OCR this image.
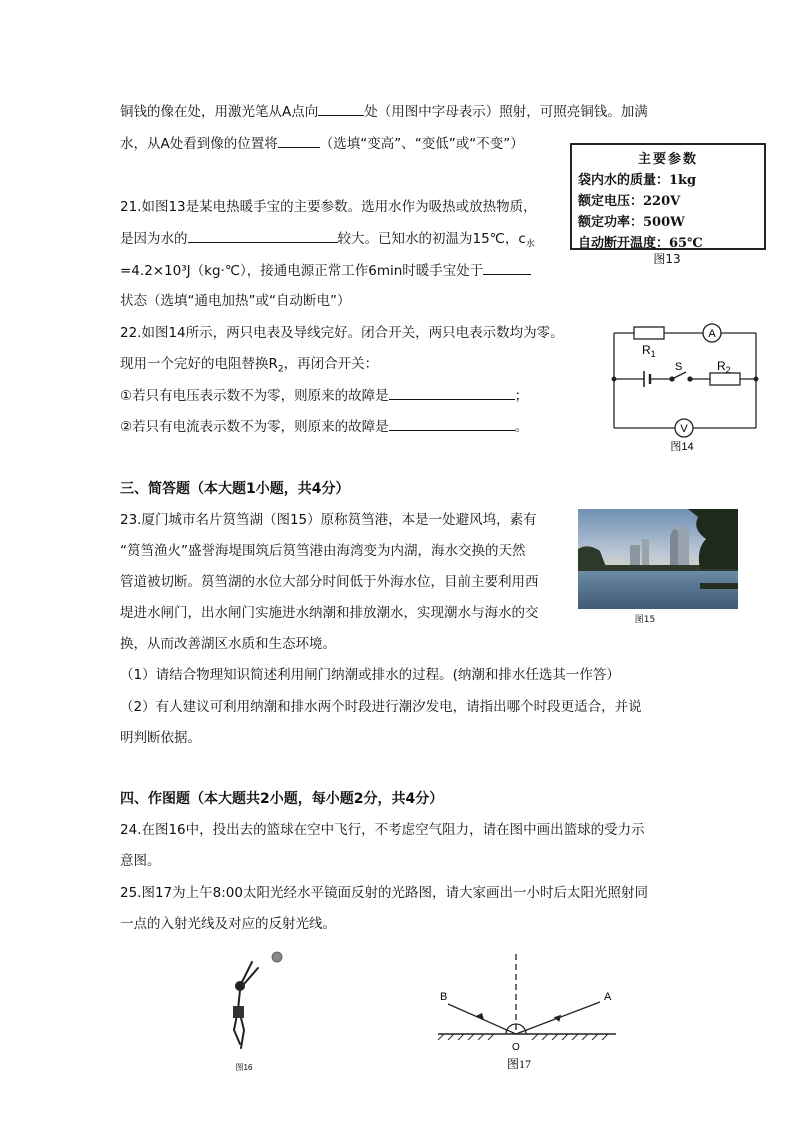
铜钱的像在处，用激光笔从A点向	处（用图中字母表示）照射，可照亮铜钱。加满
水，从A处看到像的位置将	（选填“变高”、“变低”或“不变”）
主要参数
袋内水的质量：1kg
额定电压：220V
额定功率：500W
自动断开温度：65℃
图13
21.如图13是某电热暖手宝的主要参数。选用水作为吸热或放热物质，
是因为水的	较大。已知水的初温为15℃，$c_水$
=4.2×10³J（kg·℃），接通电源正常工作6min时暖手宝处于
状态（选填“通电加热”或“自动断电”）
22.如图14所示，两只电表及导线完好。闭合开关，两只电表示数均为零。
现用一个完好的电阻替换$R_2$，再闭合开关：
①若只有电压表示数不为零，则原来的故障是	；
②若只有电流表示数不为零，则原来的故障是	。
$R_1$
$R_2$
S
A
V
图14
三、简答题（本大题1小题，共4分）
23.厦门城市名片筼筜湖（图15）原称筼筜港，本是一处避风坞，素有
“筼筜渔火”盛誉海堤围筑后筼筜港由海湾变为内湖，海水交换的天然
管道被切断。筼筜湖的水位大部分时间低于外海水位，目前主要利用西
堤进水闸门，出水闸门实施进水纳潮和排放潮水，实现潮水与海水的交
换，从而改善湖区水质和生态环境。
（1）请结合物理知识简述利用闸门纳潮或排水的过程。(纳潮和排水任选其一作答）
（2）有人建议可利用纳潮和排水两个时段进行潮汐发电，请指出哪个时段更适合，并说
明判断依据。
图15
四、作图题（本大题共2小题，每小题2分，共4分）
24.在图16中，投出去的篮球在空中飞行，不考虑空气阻力，请在图中画出篮球的受力示
意图。
25.图17为上午8:00太阳光经水平镜面反射的光路图，请大家画出一小时后太阳光照射同
一点的入射光线及对应的反射光线。
图16
B	A
O
图17
